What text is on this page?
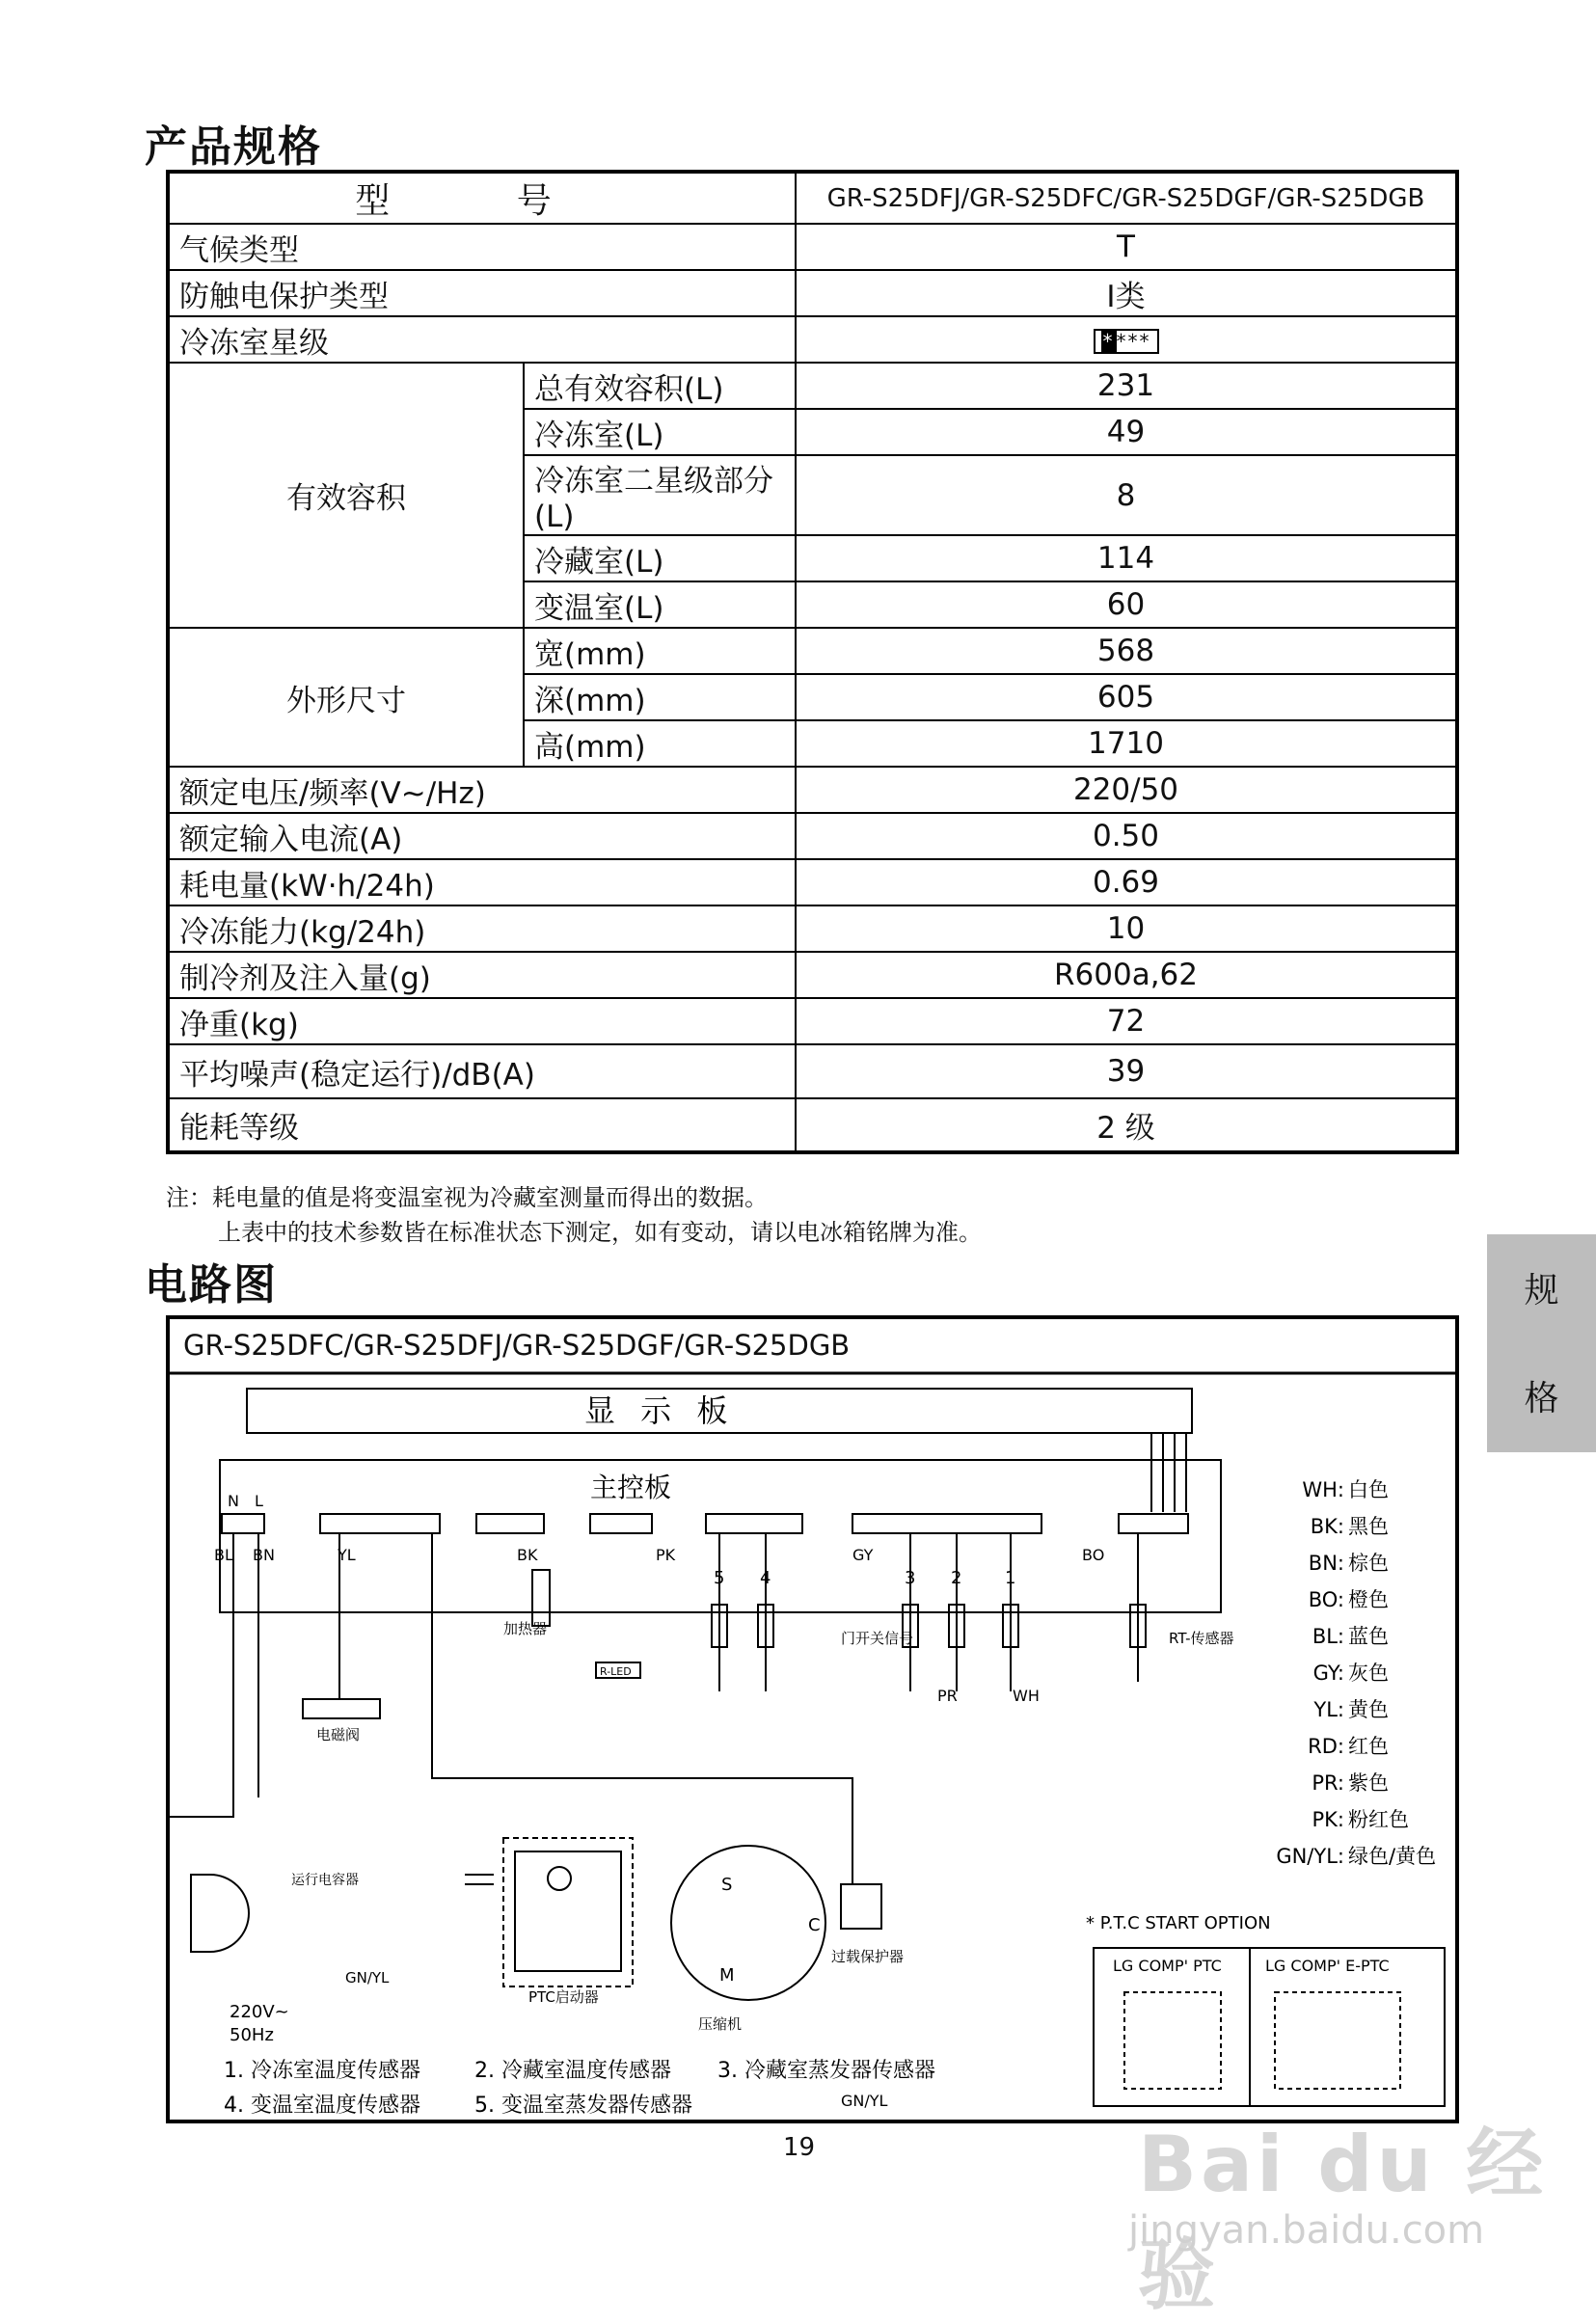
产品规格
型 号		GR-S25DFJ/GR-S25DFC/GR-S25DGF/GR-S25DGB
气候类型		T
防触电保护类型		Ⅰ类
冷冻室星级		* ***
有效容积	总有效容积(L)	231
	冷冻室(L)	49
	冷冻室二星级部分(L)	8
	冷藏室(L)	114
	变温室(L)	60
外形尺寸	宽(mm)	568
	深(mm)	605
	高(mm)	1710
额定电压/频率(V~/Hz)		220/50
额定输入电流(A)		0.50
耗电量(kW·h/24h)		0.69
冷冻能力(kg/24h)		10
制冷剂及注入量(g)		R600a,62
净重(kg)		72
平均噪声(稳定运行)/dB(A)		39
能耗等级		2 级
注：耗电量的值是将变温室视为冷藏室测量而得出的数据。
上表中的技术参数皆在标准状态下测定，如有变动，请以电冰箱铭牌为准。
规
格
电路图
GR-S25DFC/GR-S25DFJ/GR-S25DGF/GR-S25DGB
显 示 板
主控板
N L
BL BN	YL	BK	PK	GY	BO
WH
PR
GN/YL
5 4	3 2 1
加热器
R-LED
门开关信号	RT-传感器
电磁阀
220V~
50Hz
GN/YL
运行电容器
PTC启动器
S
C
M
压缩机
过载保护器
WH:
BK:
BN:
BO:
BL:
GY:
YL:
RD:
PR:
PK:
GN/YL:
白色
黑色
棕色
橙色
蓝色
灰色
黄色
红色
紫色
粉红色
绿色/黄色
* P.T.C START OPTION
LG COMP' PTC	LG COMP' E-PTC
1. 冷冻室温度传感器	2. 冷藏室温度传感器 3. 冷藏室蒸发器传感器
4. 变温室温度传感器	5. 变温室蒸发器传感器
19	Bai du 经验
jingyan.baidu.com
